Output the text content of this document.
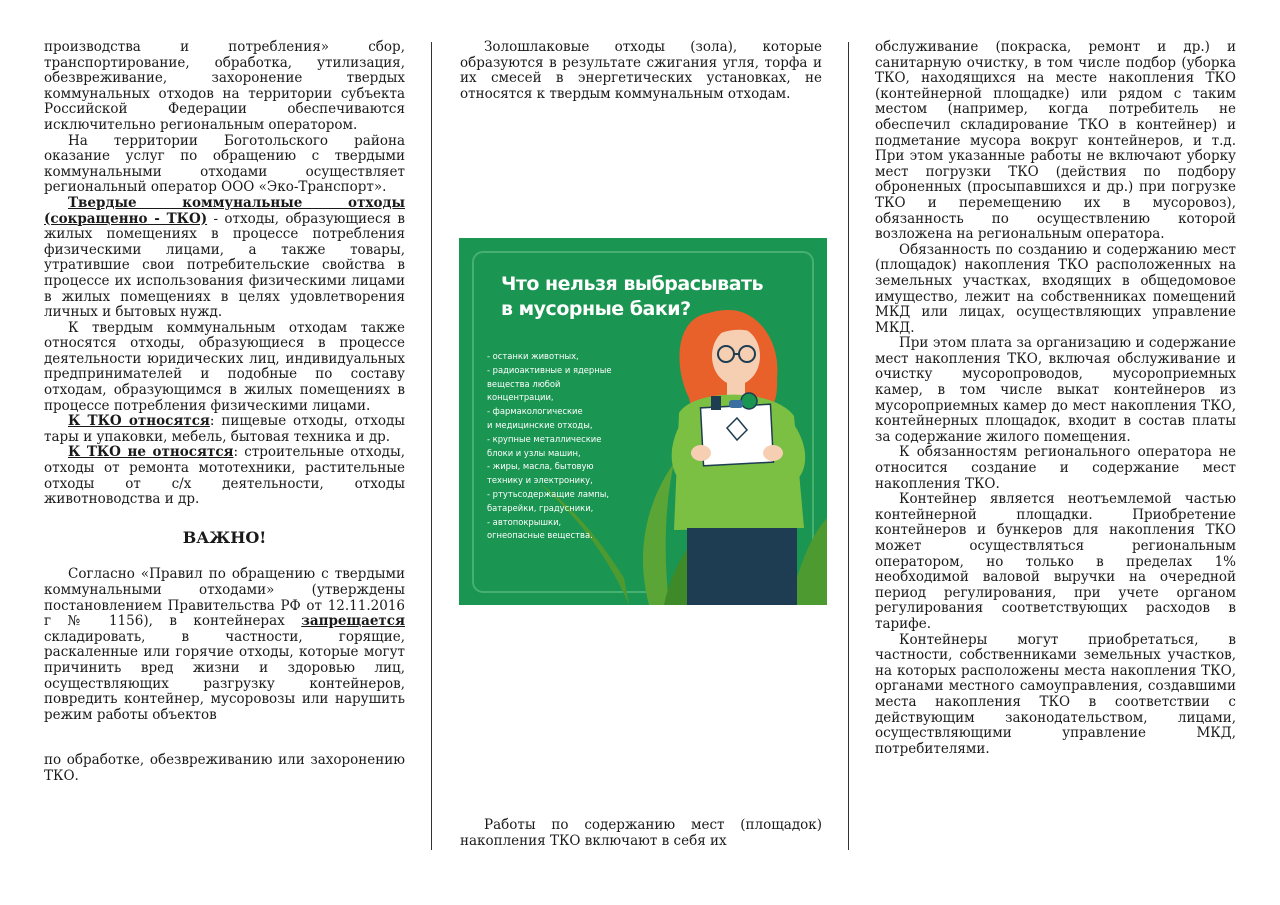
производства и потребления» сбор, транспортирование, обработка, утилизация, обезвреживание, захоронение твердых коммунальных отходов на территории субъекта Российской Федерации обеспечиваются исключительно региональным оператором.

На территории Боготольского района оказание услуг по обращению с твердыми коммунальными отходами осуществляет региональный оператор ООО «Эко-Транспорт».

Твердые коммунальные отходы (сокращенно - ТКО) - отходы, образующиеся в жилых помещениях в процессе потребления физическими лицами, а также товары, утратившие свои потребительские свойства в процессе их использования физическими лицами в жилых помещениях в целях удовлетворения личных и бытовых нужд.

К твердым коммунальным отходам также относятся отходы, образующиеся в процессе деятельности юридических лиц, индивидуальных предпринимателей и подобные по составу отходам, образующимся в жилых помещениях в процессе потребления физическими лицами.

К ТКО относятся: пищевые отходы, отходы тары и упаковки, мебель, бытовая техника и др.

К ТКО не относятся: строительные отходы, отходы от ремонта мототехники, растительные отходы от с/х деятельности, отходы животноводства и др.

ВАЖНО!

Согласно «Правил по обращению с твердыми коммунальными отходами» (утверждены постановлением Правительства РФ от 12.11.2016 г № 1156), в контейнерах запрещается складировать, в частности, горящие, раскаленные или горячие отходы, которые могут причинить вред жизни и здоровью лиц, осуществляющих разгрузку контейнеров, повредить контейнер, мусоровозы или нарушить режим работы объектов

по обработке, обезвреживанию или захоронению ТКО.

Золошлаковые отходы (зола), которые образуются в результате сжигания угля, торфа и их смесей в энергетических установках, не относятся к твердым коммунальным отходам.

Работы по содержанию мест (площадок) накопления ТКО включают в себя их

Что нельзя выбрасывать
в мусорные баки?
- останки животных,
- радиоактивные и ядерные
вещества любой
концентрации,
- фармакологические
и медицинские отходы,
- крупные металлические
блоки и узлы машин,
- жиры, масла, бытовую
технику и электронику,
- ртутьсодержащие лампы,
батарейки, градусники,
- автопокрышки,
огнеопасные вещества.

обслуживание (покраска, ремонт и др.) и санитарную очистку, в том числе подбор (уборка ТКО, находящихся на месте накопления ТКО (контейнерной площадке) или рядом с таким местом (например, когда потребитель не обеспечил складирование ТКО в контейнер) и подметание мусора вокруг контейнеров, и т.д. При этом указанные работы не включают уборку мест погрузки ТКО (действия по подбору оброненных (просыпавшихся и др.) при погрузке ТКО и перемещению их в мусоровоз), обязанность по осуществлению которой возложена на региональным оператора.

Обязанность по созданию и содержанию мест (площадок) накопления ТКО расположенных на земельных участках, входящих в общедомовое имущество, лежит на собственниках помещений МКД или лицах, осуществляющих управление МКД.

При этом плата за организацию и содержание мест накопления ТКО, включая обслуживание и очистку мусоропроводов, мусороприемных камер, в том числе выкат контейнеров из мусороприемных камер до мест накопления ТКО, контейнерных площадок, входит в состав платы за содержание жилого помещения.

К обязанностям регионального оператора не относится создание и содержание мест накопления ТКО.

Контейнер является неотъемлемой частью контейнерной площадки. Приобретение контейнеров и бункеров для накопления ТКО может осуществляться региональным оператором, но только в пределах 1% необходимой валовой выручки на очередной период регулирования, при учете органом регулирования соответствующих расходов в тарифе.

Контейнеры могут приобретаться, в частности, собственниками земельных участков, на которых расположены места накопления ТКО, органами местного самоуправления, создавшими места накопления ТКО в соответствии с действующим законодательством, лицами, осуществляющими управление МКД, потребителями.
